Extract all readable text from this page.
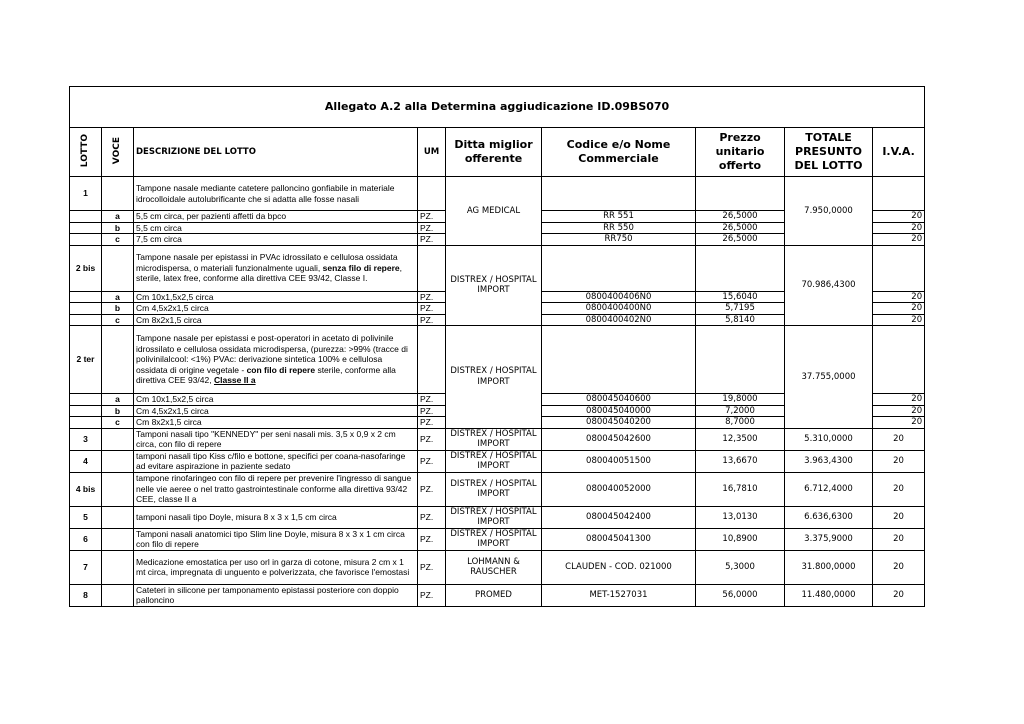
Allegato A.2 alla Determina aggiudicazione ID.09BS070								
LOTTO	VOCE	DESCRIZIONE DEL LOTTO	UM	Ditta miglior offerente	Codice e/o Nome Commerciale	Prezzo unitario offerto	TOTALE PRESUNTO DEL LOTTO	I.V.A.
1		Tampone nasale mediante catetere palloncino gonfiabile in materiale idrocolloidale autolubrificante che si adatta alle fosse nasali		AG MEDICAL			7.950,0000	
	a	5,5 cm circa, per pazienti affetti da bpco	PZ.		RR 551	26,5000		20
	b	5,5 cm circa	PZ.		RR 550	26,5000		20
	c	7,5 cm circa	PZ.		RR750	26,5000		20
2 bis		Tampone nasale per epistassi in PVAc idrossilato e cellulosa ossidata microdispersa, o materiali funzionalmente uguali, senza filo di repere, sterile, latex free, conforme alla direttiva CEE 93/42, Classe I.		DISTREX / HOSPITAL IMPORT			70.986,4300	
	a	Cm 10x1,5x2,5 circa	PZ.		0800400406N0	15,6040		20
	b	Cm 4,5x2x1,5 circa	PZ.		0800400400N0	5,7195		20
	c	Cm 8x2x1,5 circa	PZ.		0800400402N0	5,8140		20
2 ter		Tampone nasale per epistassi e post-operatori in acetato di polivinile idrossilato e cellulosa ossidata microdispersa, (purezza: >99% (tracce di polivinilalcool: <1%) PVAc: derivazione sintetica 100% e cellulosa ossidata di origine vegetale - con filo di repere sterile, conforme alla direttiva CEE 93/42, Classe II a		DISTREX / HOSPITAL IMPORT			37.755,0000	
	a	Cm 10x1,5x2,5 circa	PZ.		080045040600	19,8000		20
	b	Cm 4,5x2x1,5 circa	PZ.		080045040000	7,2000		20
	c	Cm 8x2x1,5 circa	PZ.		080045040200	8,7000		20
3		Tamponi nasali tipo "KENNEDY" per seni nasali mis. 3,5 x 0,9 x 2 cm circa, con filo di repere	PZ.	DISTREX / HOSPITAL IMPORT	080045042600	12,3500	5.310,0000	20
4		tamponi nasali tipo Kiss c/filo e bottone, specifici per coana-nasofaringe ad evitare aspirazione in paziente sedato	PZ.	DISTREX / HOSPITAL IMPORT	080040051500	13,6670	3.963,4300	20
4 bis		tampone rinofaringeo con filo di repere per prevenire l'ingresso di sangue nelle vie aeree o nel tratto gastrointestinale conforme alla direttiva 93/42 CEE, classe II a	PZ.	DISTREX / HOSPITAL IMPORT	080040052000	16,7810	6.712,4000	20
5		tamponi nasali tipo Doyle, misura 8 x 3 x 1,5 cm circa	PZ.	DISTREX / HOSPITAL IMPORT	080045042400	13,0130	6.636,6300	20
6		Tamponi nasali anatomici tipo Slim line Doyle, misura 8 x 3 x 1 cm circa con filo di repere	PZ.	DISTREX / HOSPITAL IMPORT	080045041300	10,8900	3.375,9000	20
7		Medicazione emostatica per uso orl in garza di cotone, misura 2 cm x 1 mt circa, impregnata di unguento e polverizzata, che favorisce l'emostasi	PZ.	LOHMANN & RAUSCHER	CLAUDEN - COD. 021000	5,3000	31.800,0000	20
8		Cateteri in silicone per tamponamento epistassi posteriore con doppio palloncino	PZ.	PROMED	MET-1527031	56,0000	11.480,0000	20
